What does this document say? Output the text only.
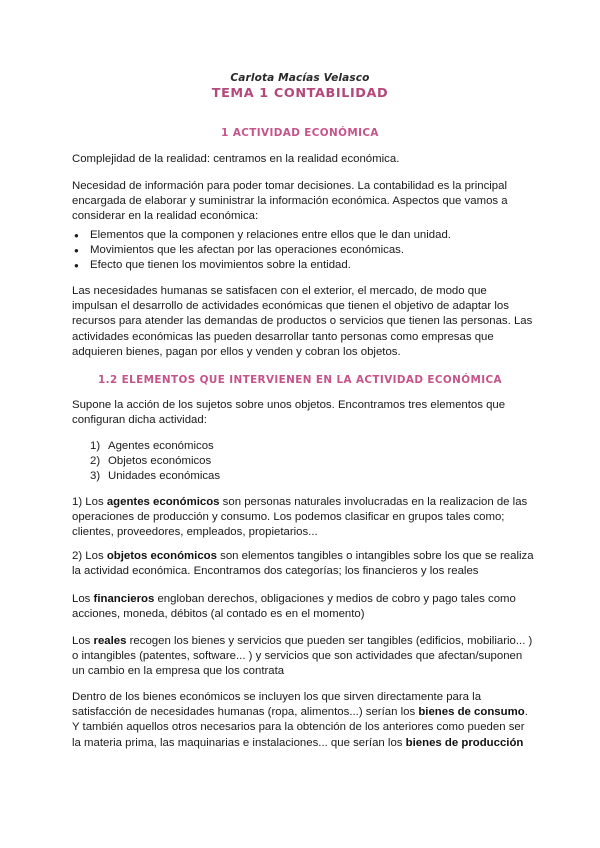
Carlota Macías Velasco
TEMA 1 CONTABILIDAD
1 ACTIVIDAD ECONÓMICA
Complejidad de la realidad: centramos en la realidad económica.
Necesidad de información para poder tomar decisiones. La contabilidad es la principal encargada de elaborar y suministrar la información económica. Aspectos que vamos a considerar en la realidad económica:
● Elementos que la componen y relaciones entre ellos que le dan unidad.
● Movimientos que les afectan por las operaciones económicas.
● Efecto que tienen los movimientos sobre la entidad.
Las necesidades humanas se satisfacen con el exterior, el mercado, de modo que impulsan el desarrollo de actividades económicas que tienen el objetivo de adaptar los recursos para atender las demandas de productos o servicios que tienen las personas. Las actividades económicas las pueden desarrollar tanto personas como empresas que adquieren bienes, pagan por ellos y venden y cobran los objetos.
1.2 ELEMENTOS QUE INTERVIENEN EN LA ACTIVIDAD ECONÓMICA
Supone la acción de los sujetos sobre unos objetos. Encontramos tres elementos que configuran dicha actividad:
1) Agentes económicos
2) Objetos económicos
3) Unidades económicas
1) Los agentes económicos son personas naturales involucradas en la realizacion de las operaciones de producción y consumo. Los podemos clasificar en grupos tales como; clientes, proveedores, empleados, propietarios...
2) Los objetos económicos son elementos tangibles o intangibles sobre los que se realiza la actividad económica. Encontramos dos categorías; los financieros y los reales
Los financieros engloban derechos, obligaciones y medios de cobro y pago tales como acciones, moneda, débitos (al contado es en el momento)
Los reales recogen los bienes y servicios que pueden ser tangibles (edificios, mobiliario... ) o intangibles (patentes, software... ) y servicios que son actividades que afectan/suponen un cambio en la empresa que los contrata
Dentro de los bienes económicos se incluyen los que sirven directamente para la satisfacción de necesidades humanas (ropa, alimentos...) serían los bienes de consumo. Y también aquellos otros necesarios para la obtención de los anteriores como pueden ser la materia prima, las maquinarias e instalaciones... que serían los bienes de producción
